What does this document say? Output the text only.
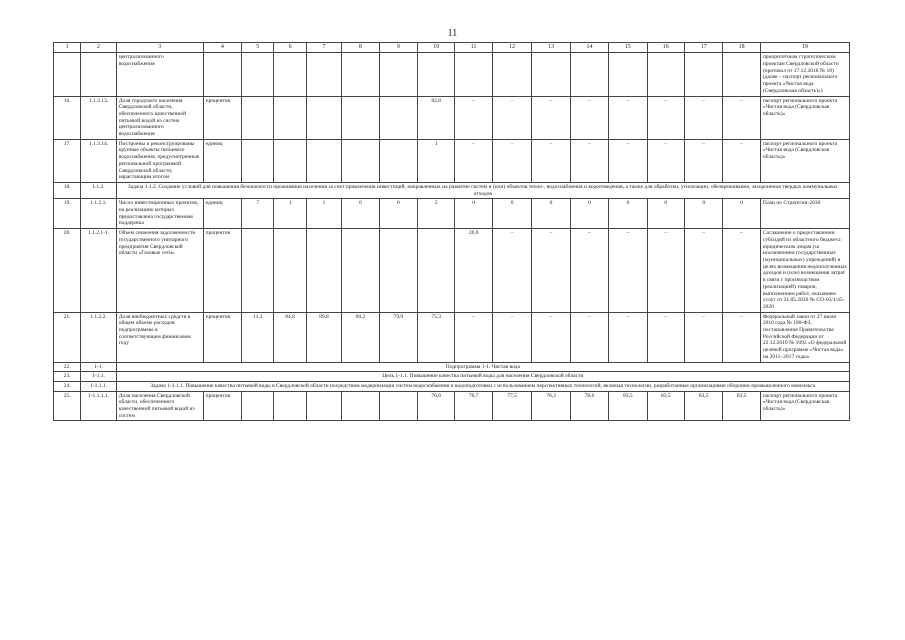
11
1	2	3	4	5	6	7	8	9	10	11	12	13	14	15	16	17	18	19
		централизованного водоснабжения																приоритетным стратегическим проектам Свердловской области (протокол от 17.12.2018 № 18) (далее – паспорт регионального проекта «Чистая вода (Свердловская область)»)
16.	1.1.3.13.	Доля городского населения Свердловской области, обеспеченного качественной питьевой водой из систем централизованного водоснабжения	процентов						82,8	–	–	–	–	–	–	–	–	паспорт регионального проекта «Чистая вода (Свердловская область)»
17.	1.1.3.14.	Построены и реконструированы крупные объекты питьевого водоснабжения, предусмотренные региональной программой Свердловской области, нарастающим итогом	единиц						1	–	–	–	–	–	–	–	–	паспорт регионального проекта «Чистая вода (Свердловская область)»
18.	1.1.2.	Задача 1.1.2. Создание условий для повышения безопасности проживания населения за счет привлечения инвестиций, направленных на развитие систем и (или) объектов тепло-, водоснабжения и водоотведения, а также для обработки, утилизации, обезвреживания, захоронения твердых коммунальных отходов																
19.	1.1.2.1.	Число инвестиционных проектов, на реализацию которых предоставлена государственная поддержка	единиц	7	1	1	0	0	2	0	0	0	0	0	0	0	0	План по Стратегии-2030
20.	1.1.2.1-1.	Объем снижения задолженности государственного унитарного предприятия Свердловской области «Газовые сети»	процентов							20,0	–	–	–	–	–	–	–	Соглашение о предоставлении субсидий из областного бюджета юридическим лицам (за исключением государственных (муниципальных) учреждений) в целях возмещения недополученных доходов и (или) возмещения затрат в связи с производством (реализацией) товаров, выполнением работ, оказанием услуг от 21.05.2020 № СО-03/1/45-2020
21.	1.1.2.2.	Доля внебюджетных средств в общем объеме расходов подпрограммы в соответствующем финансовом году	процентов	11,3	84,8	89,8	90,2	79,9	75,3	–	–	–	–	–	–	–	–	Федеральный закон от 27 июля 2010 года № 190-ФЗ, постановление Правительства Российской Федерации от 22.12.2010 № 1092 «О федеральной целевой программе «Чистая вода» на 2011–2017 годы»
22.	1-1.	Подпрограмма 1-1. Чистая вода																
23.	1-1.1.	Цель 1-1.1. Повышение качества питьевой воды для населения Свердловской области																
24.	1-1.1.1.	Задача 1-1.1.1. Повышение качества питьевой воды в Свердловской области посредством модернизации систем водоснабжения и водоподготовки с использованием перспективных технологий, включая технологии, разработанные организациями оборонно-промышленного комплекса																
25.	1-1.1.1.1.	Доля населения Свердловской области, обеспеченного качественной питьевой водой из систем	процентов						76,6	76,7	77,5	78,3	78,6	83,5	83,5	83,5	83,5	паспорт регионального проекта «Чистая вода (Свердловская область)»
